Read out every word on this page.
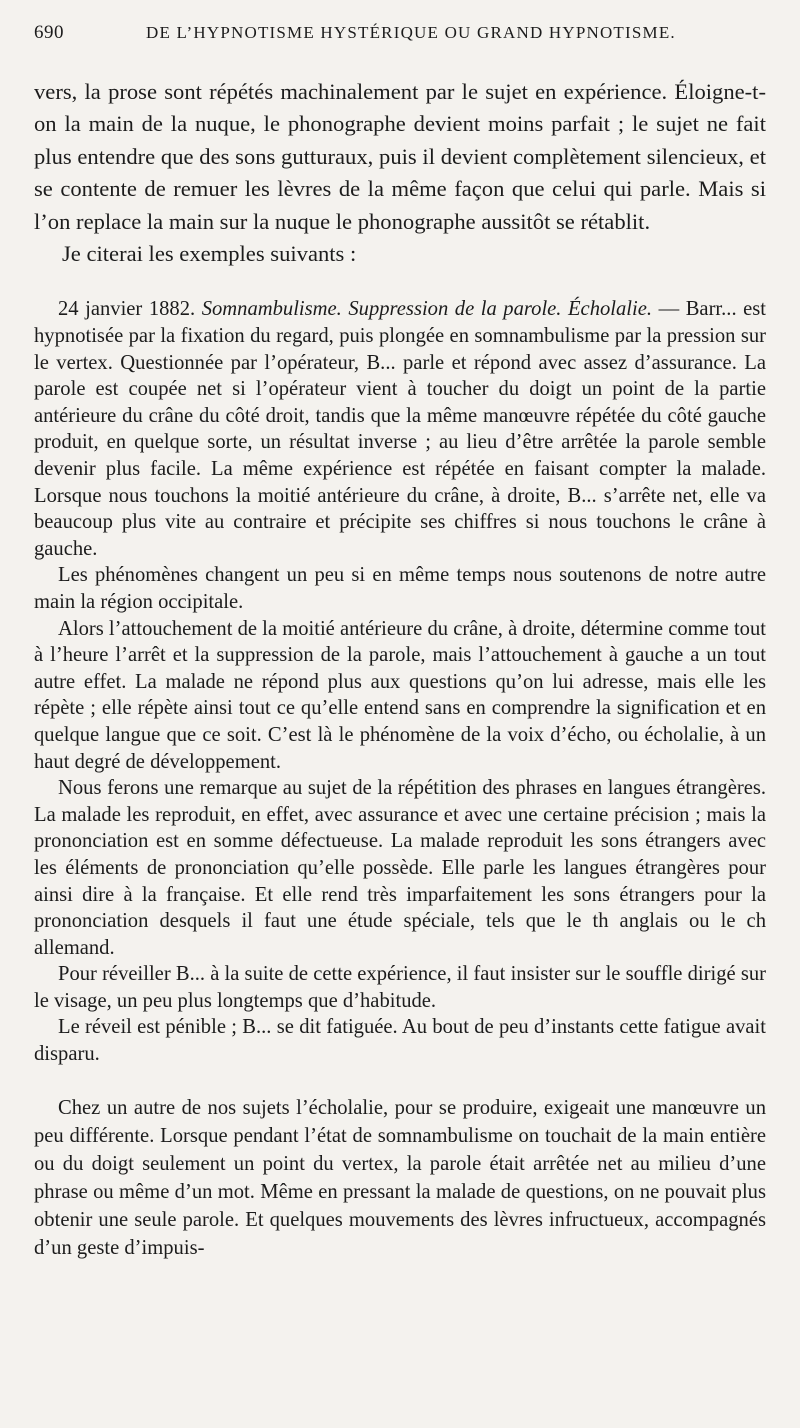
690	DE L’HYPNOTISME HYSTÉRIQUE OU GRAND HYPNOTISME.

vers, la prose sont répétés machinalement par le sujet en expérience. Éloigne-t-on la main de la nuque, le phonographe devient moins parfait ; le sujet ne fait plus entendre que des sons gutturaux, puis il devient complètement silencieux, et se contente de remuer les lèvres de la même façon que celui qui parle. Mais si l’on replace la main sur la nuque le phonographe aussitôt se rétablit.

Je citerai les exemples suivants :

24 janvier 1882. Somnambulisme. Suppression de la parole. Écholalie. — Barr... est hypnotisée par la fixation du regard, puis plongée en somnambulisme par la pression sur le vertex. Questionnée par l’opérateur, B... parle et répond avec assez d’assurance. La parole est coupée net si l’opérateur vient à toucher du doigt un point de la partie antérieure du crâne du côté droit, tandis que la même manœuvre répétée du côté gauche produit, en quelque sorte, un résultat inverse ; au lieu d’être arrêtée la parole semble devenir plus facile. La même expérience est répétée en faisant compter la malade. Lorsque nous touchons la moitié antérieure du crâne, à droite, B... s’arrête net, elle va beaucoup plus vite au contraire et précipite ses chiffres si nous touchons le crâne à gauche.

Les phénomènes changent un peu si en même temps nous soutenons de notre autre main la région occipitale.

Alors l’attouchement de la moitié antérieure du crâne, à droite, détermine comme tout à l’heure l’arrêt et la suppression de la parole, mais l’attouchement à gauche a un tout autre effet. La malade ne répond plus aux questions qu’on lui adresse, mais elle les répète ; elle répète ainsi tout ce qu’elle entend sans en comprendre la signification et en quelque langue que ce soit. C’est là le phénomène de la voix d’écho, ou écholalie, à un haut degré de développement.

Nous ferons une remarque au sujet de la répétition des phrases en langues étrangères. La malade les reproduit, en effet, avec assurance et avec une certaine précision ; mais la prononciation est en somme défectueuse. La malade reproduit les sons étrangers avec les éléments de prononciation qu’elle possède. Elle parle les langues étrangères pour ainsi dire à la française. Et elle rend très imparfaitement les sons étrangers pour la prononciation desquels il faut une étude spéciale, tels que le th anglais ou le ch allemand.

Pour réveiller B... à la suite de cette expérience, il faut insister sur le souffle dirigé sur le visage, un peu plus longtemps que d’habitude.

Le réveil est pénible ; B... se dit fatiguée. Au bout de peu d’instants cette fatigue avait disparu.

Chez un autre de nos sujets l’écholalie, pour se produire, exigeait une manœuvre un peu différente. Lorsque pendant l’état de somnambulisme on touchait de la main entière ou du doigt seulement un point du vertex, la parole était arrêtée net au milieu d’une phrase ou même d’un mot. Même en pressant la malade de questions, on ne pouvait plus obtenir une seule parole. Et quelques mouvements des lèvres infructueux, accompagnés d’un geste d’impuis-
